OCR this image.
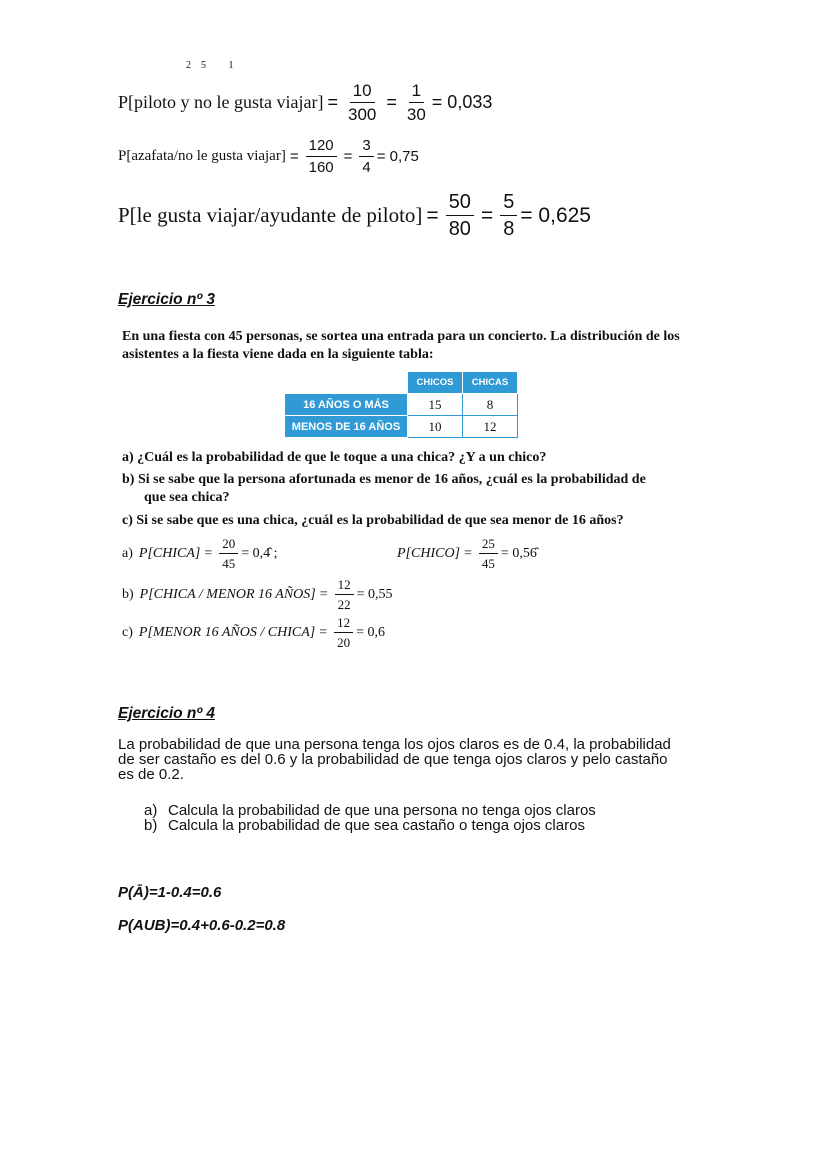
25 1
P[piloto y no le gusta viajar] = $\frac{10}{300} = \frac{1}{30} = 0,033$
P[azafata/no le gusta viajar] = $\frac{120}{160} = \frac{3}{4} = 0,75$
P[le gusta viajar/ayudante de piloto] = $\frac{50}{80} = \frac{5}{8} = 0,625$
Ejercicio nº 3
En una fiesta con 45 personas, se sortea una entrada para un concierto. La distribución de los asistentes a la fiesta viene dada en la siguiente tabla:
	CHICOS	CHICAS
16 AÑOS O MÁS	15	8
MENOS DE 16 AÑOS	10	12
a) ¿Cuál es la probabilidad de que le toque a una chica? ¿Y a un chico?
b) Si se sabe que la persona afortunada es menor de 16 años, ¿cuál es la probabilidad de
que sea chica?
c) Si se sabe que es una chica, ¿cuál es la probabilidad de que sea menor de 16 años?
a) P[CHICA] = $\frac{20}{45}$ = 0,4̂ ;	P[CHICO] = $\frac{25}{45}$ = 0,56̂
b) P[CHICA / MENOR 16 AÑOS] = $\frac{12}{22} = 0,55$
c) P[MENOR 16 AÑOS / CHICA] = $\frac{12}{20} = 0,6$
Ejercicio nº 4
La probabilidad de que una persona tenga los ojos claros es de 0.4, la probabilidad de ser castaño es del 0.6 y la probabilidad de que tenga ojos claros y pelo castaño es de 0.2.
a) Calcula la probabilidad de que una persona no tenga ojos claros
b) Calcula la probabilidad de que sea castaño o tenga ojos claros
P(Ā)=1-0.4=0.6
P(AUB)=0.4+0.6-0.2=0.8
